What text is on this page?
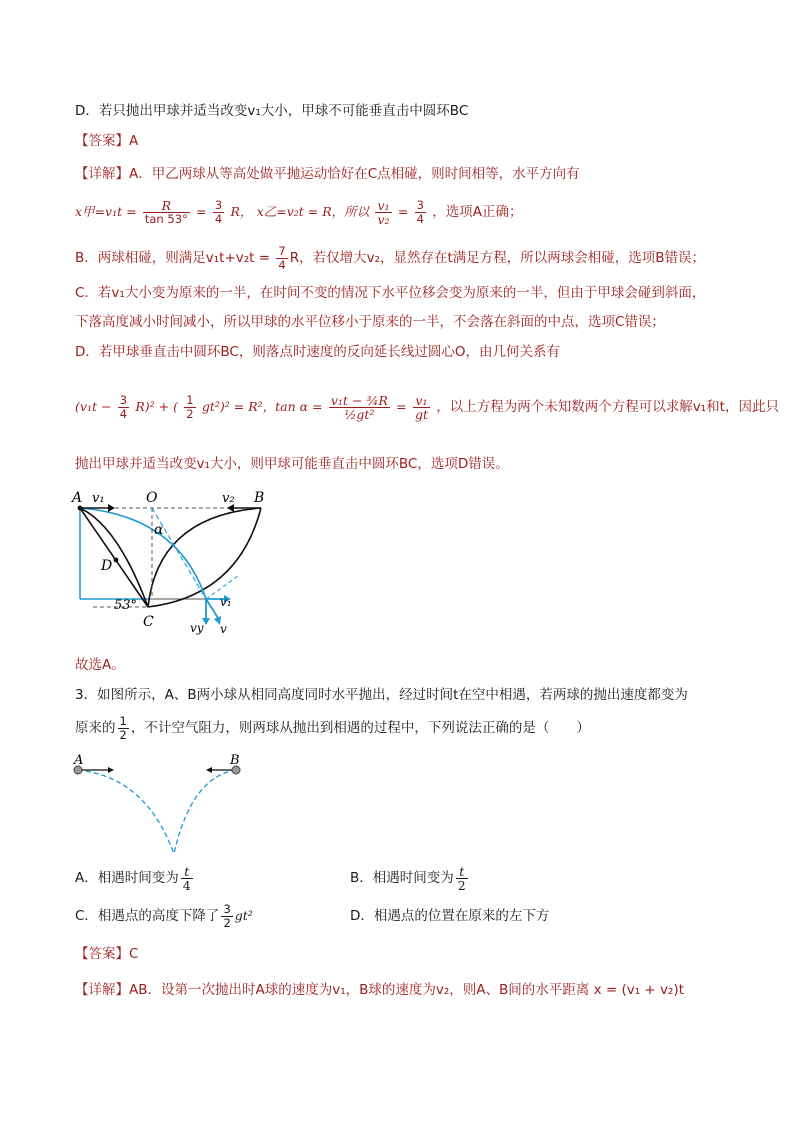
D．若只抛出甲球并适当改变v₁大小，甲球不可能垂直击中圆环BC
【答案】A
【详解】A．甲乙两球从等高处做平抛运动恰好在C点相碰，则时间相等，水平方向有
x甲$=v_1t = \frac{R}{\tan 53^\circ} = \frac{3}{4}$ R， x乙=v₂t = R，所以 $\frac{\text{v₁}}{\text{v₂}} = \frac{3}{4}$ ，选项A正确；
B．两球相碰，则满足$v_1t+v_2t = \frac{7}{4}$ R，若仅增大v₂，显然存在t满足方程，所以两球会相碰，选项B错误；
C．若v₁大小变为原来的一半，在时间不变的情况下水平位移会变为原来的一半，但由于甲球会碰到斜面，
下落高度减小时间减小，所以甲球的水平位移小于原来的一半，不会落在斜面的中点，选项C错误；
D．若甲球垂直击中圆环BC，则落点时速度的反向延长线过圆心O，由几何关系有
$(v_1t - \frac{3}{4} R)^2$ + ( $\frac{1}{2} gt^2)^2 = R^2$，$\tan \alpha = \frac{\text{v₁t − ¾R}}{\text{½gt²}} = \frac{\text{v₁}}{gt}$ ，以上方程为两个未知数两个方程可以求解v₁和t，因此只
抛出甲球并适当改变v₁大小，则甲球可能垂直击中圆环BC，选项D错误。
A v₁	O	v₂ B
α
D
53°
C
v₁
vy v
故选A。
3．如图所示，A、B两小球从相同高度同时水平抛出，经过时间t在空中相遇，若两球的抛出速度都变为
原来的 $\frac{1}{2}$ ，不计空气阻力，则两球从抛出到相遇的过程中，下列说法正确的是（　　）
A	B
A．相遇时间变为 $\frac{t}{4}$	B．相遇时间变为 $\frac{t}{2}$
C．相遇点的高度下降了 $\frac{3}{2} gt^2$	D．相遇点的位置在原来的左下方
【答案】C
【详解】AB．设第一次抛出时A球的速度为v₁，B球的速度为v₂，则A、B间的水平距离 x = (v₁ + v₂)t
